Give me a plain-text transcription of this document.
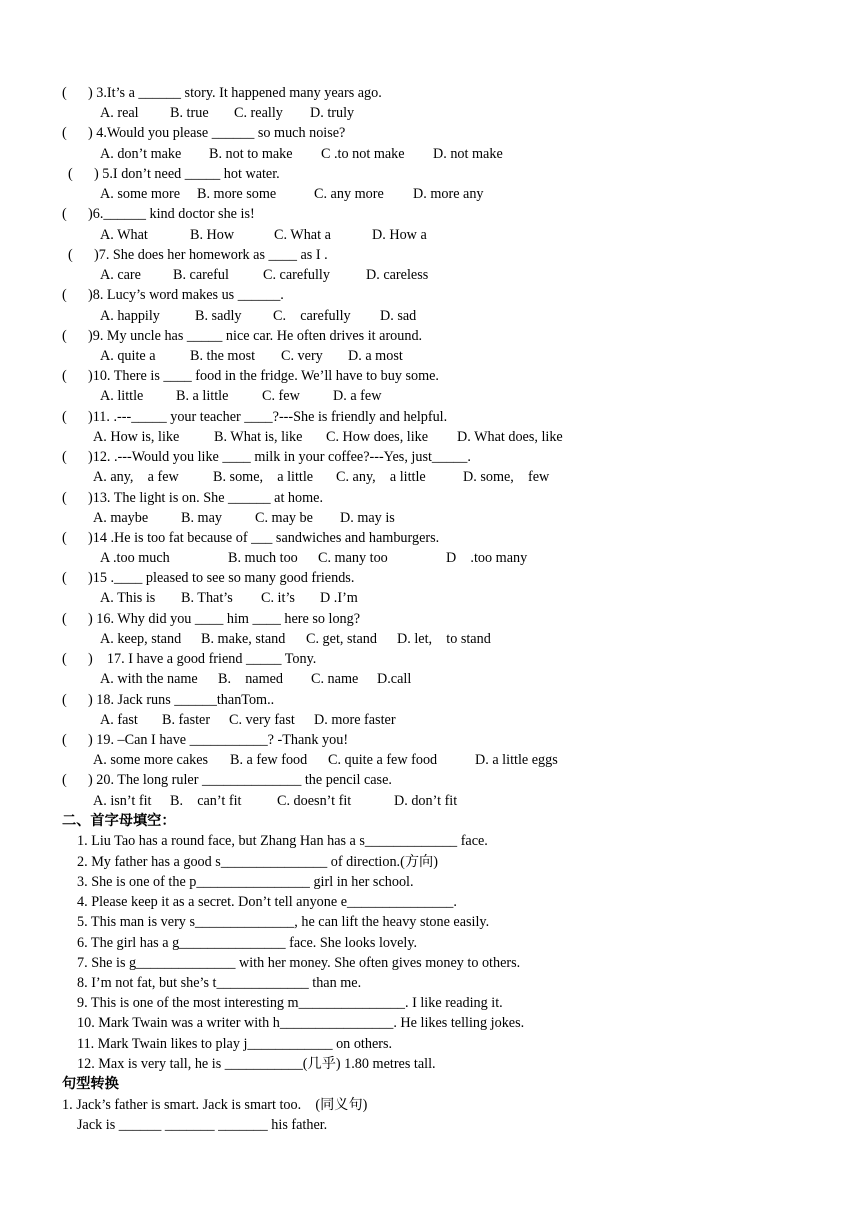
(      ) 3.It’s a ______ story. It happened many years ago.
A. real B. true C. really D. truly
(      ) 4.Would you please ______ so much noise?
A. don’t make B. not to make C .to not make D. not make
(      ) 5.I don’t need _____ hot water.
A. some more B. more some	C. any more D. more any
(      )6.______ kind doctor she is!
A. What	B. How	C. What a	D. How a
(      )7. She does her homework as ____ as I .
A. care B. careful C. carefully	D. careless
(      )8. Lucy’s word makes us ______.
A. happily B. sadly C.    carefully D. sad
(      )9. My uncle has _____ nice car. He often drives it around.
A. quite a B. the most C. very D. a most
(      )10. There is ____ food in the fridge. We’ll have to buy some.
A. little B. a little C. few D. a few
(      )11. .---_____ your teacher ____?---She is friendly and helpful.
A. How is, like B. What is, like C. How does, like D. What does, like
(      )12. .---Would you like ____ milk in your coffee?---Yes, just_____.
A. any,    a few B. some,    a little C. any,    a little	D. some,    few
(      )13. The light is on. She ______ at home.
A. maybe B. may C. may be D. may is
(      )14 .He is too fat because of ___ sandwiches and hamburgers.
A .too much	B. much too C. many too	D    .too many
(      )15 .____ pleased to see so many good friends.
A. This is B. That’s C. it’s D .I’m
(      ) 16. Why did you ____ him ____ here so long?
A. keep, stand B. make, stand C. get, stand D. let,    to stand
(      )    17. I have a good friend _____ Tony.
A. with the name B.    named C. name D.call
(      ) 18. Jack runs ______thanTom..
A. fast B. faster C. very fast D. more faster
(      ) 19. –Can I have ___________? -Thank you!
A. some more cakes B. a few food C. quite a few food	D. a little eggs
(      ) 20. The long ruler ______________ the pencil case.
A. isn’t fit B.    can’t fit	C. doesn’t fit	D. don’t fit
二、首字母填空：
1. Liu Tao has a round face, but Zhang Han has a s_____________ face.
2. My father has a good s_______________ of direction.(方向)
3. She is one of the p________________ girl in her school.
4. Please keep it as a secret. Don’t tell anyone e_______________.
5. This man is very s______________, he can lift the heavy stone easily.
6. The girl has a g_______________ face. She looks lovely.
7. She is g______________ with her money. She often gives money to others.
8. I’m not fat, but she’s t_____________ than me.
9. This is one of the most interesting m_______________. I like reading it.
10. Mark Twain was a writer with h________________. He likes telling jokes.
11. Mark Twain likes to play j____________ on others.
12. Max is very tall, he is ___________(几乎) 1.80 metres tall.
句型转换
1. Jack’s father is smart. Jack is smart too.    (同义句)
Jack is ______ _______ _______ his father.
